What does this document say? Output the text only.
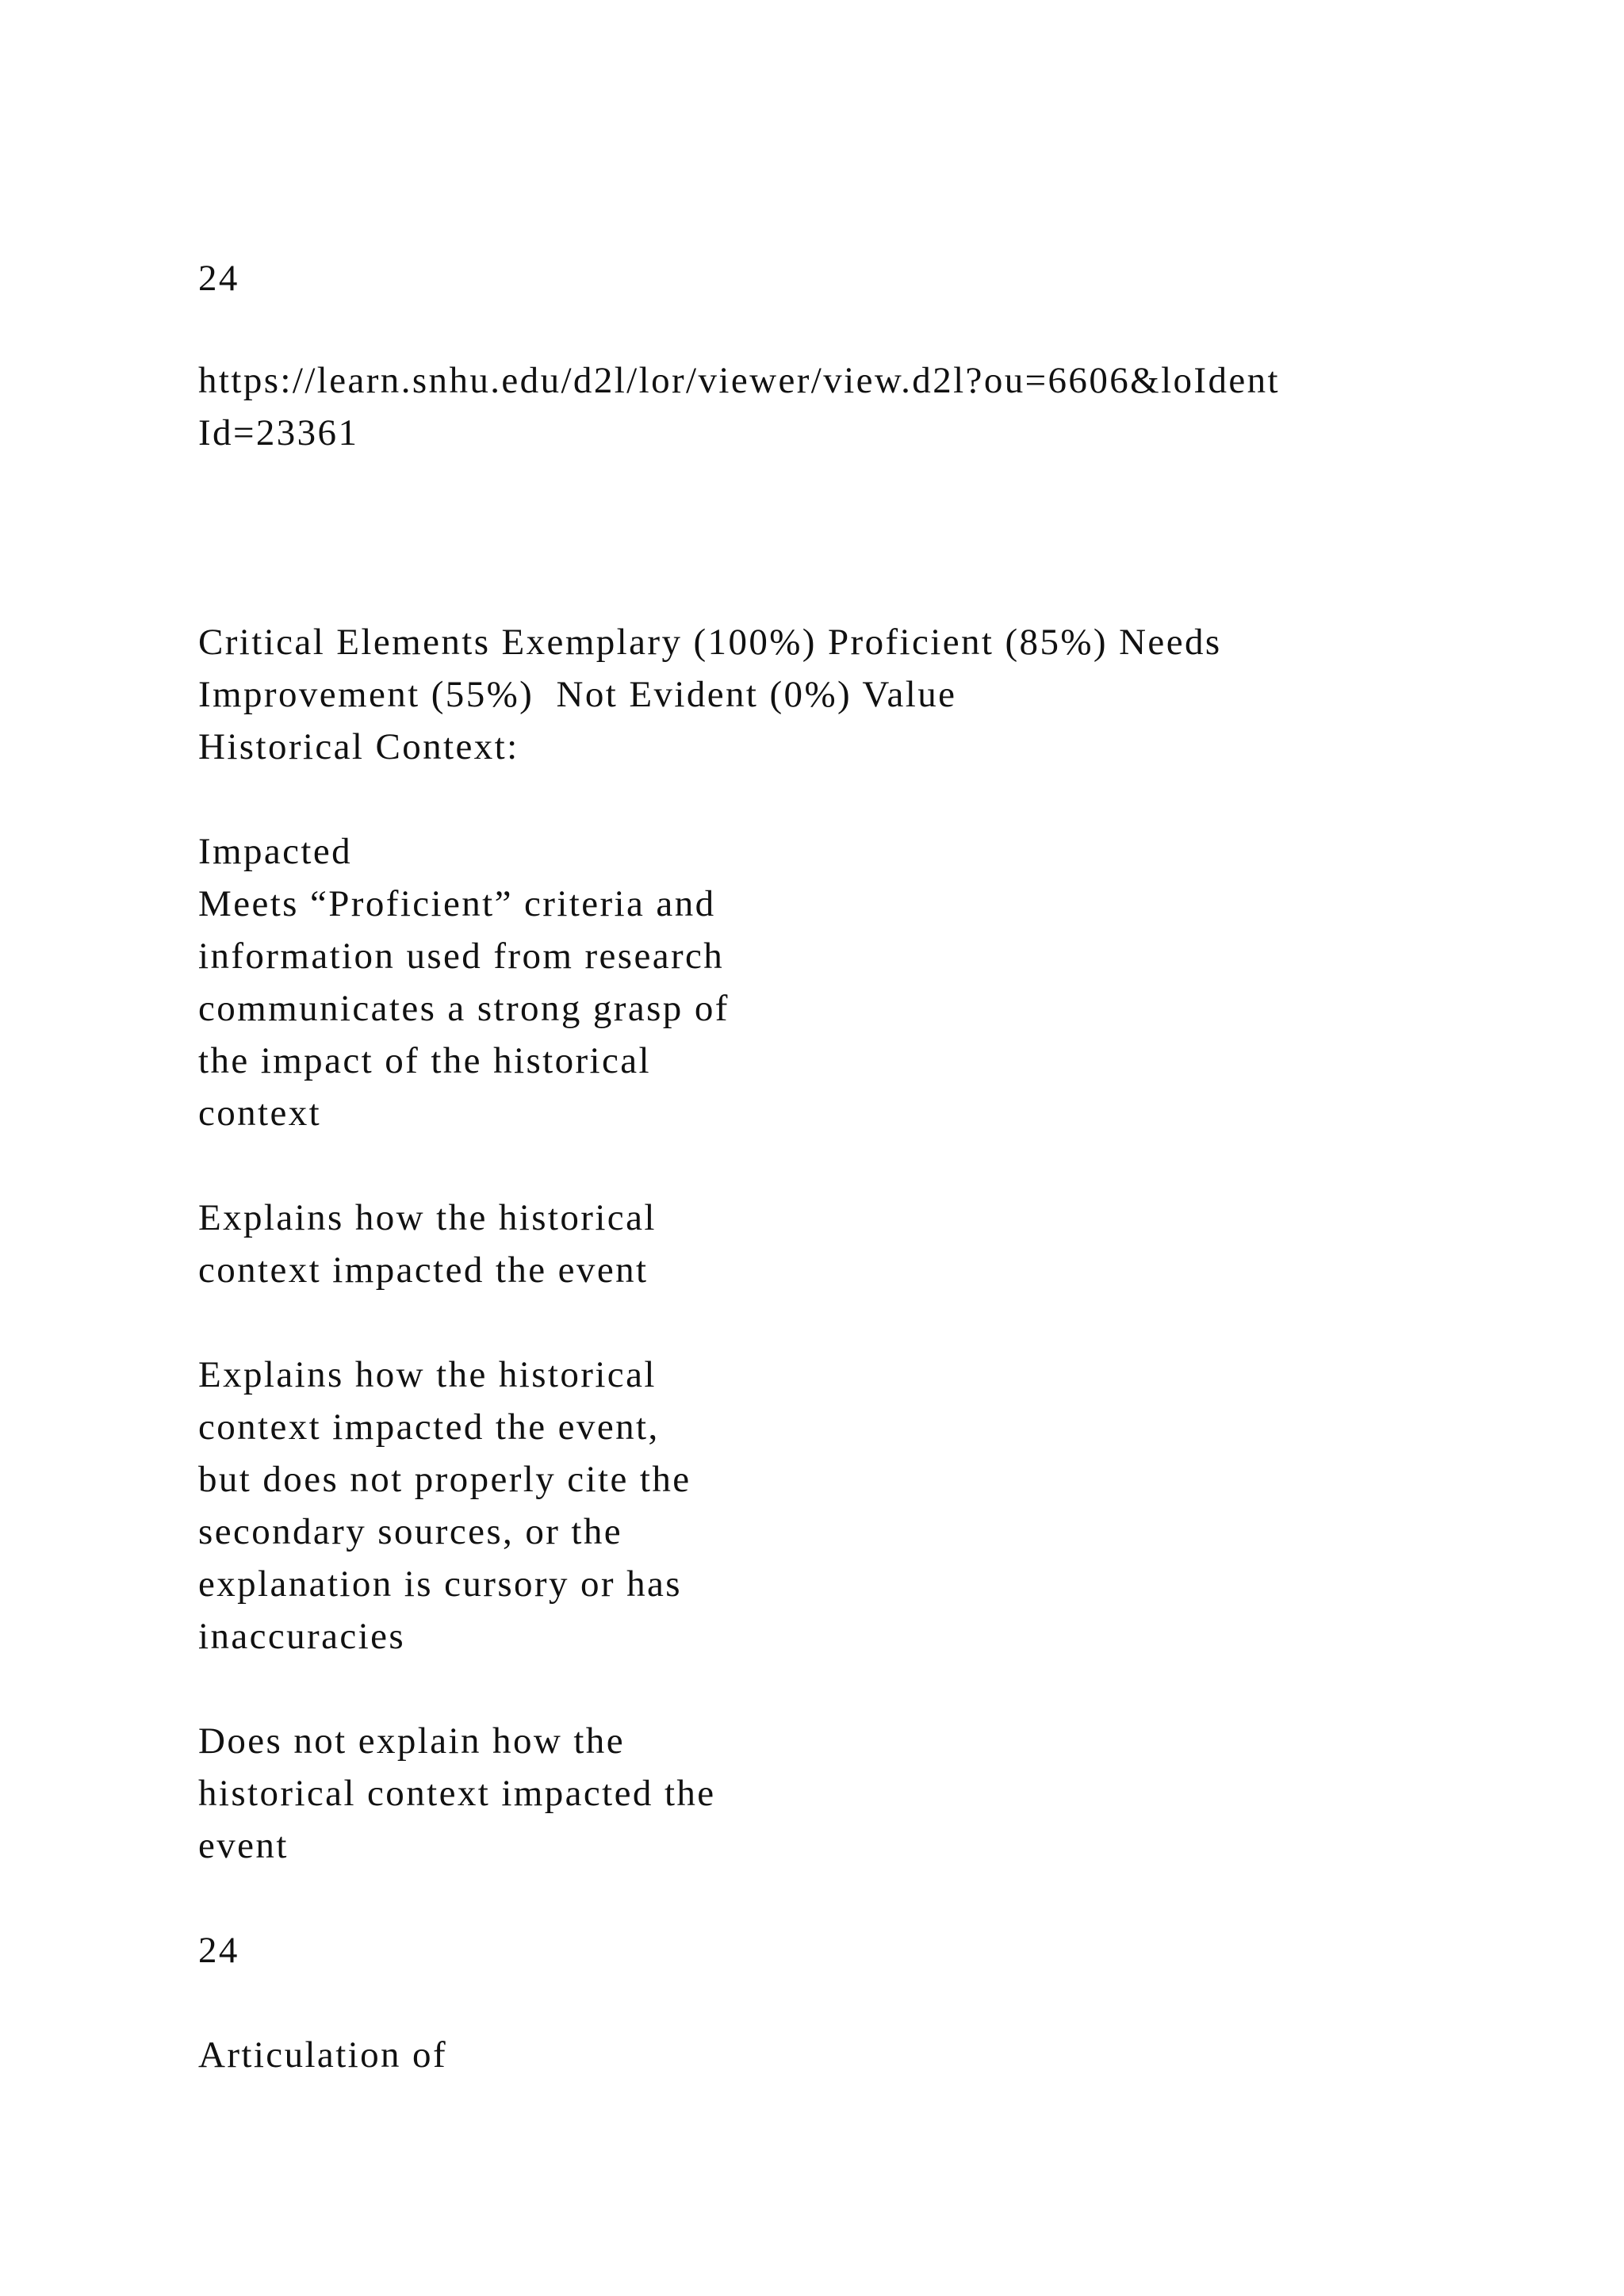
24

https://learn.snhu.edu/d2l/lor/viewer/view.d2l?ou=6606&loIdent

Id=23361

Critical Elements Exemplary (100%) Proficient (85%) Needs

Improvement (55%)  Not Evident (0%) Value

Historical Context:

Impacted

Meets “Proficient” criteria and

information used from research

communicates a strong grasp of

the impact of the historical

context

Explains how the historical

context impacted the event

Explains how the historical

context impacted the event,

but does not properly cite the

secondary sources, or the

explanation is cursory or has

inaccuracies

Does not explain how the

historical context impacted the

event

24

Articulation of
